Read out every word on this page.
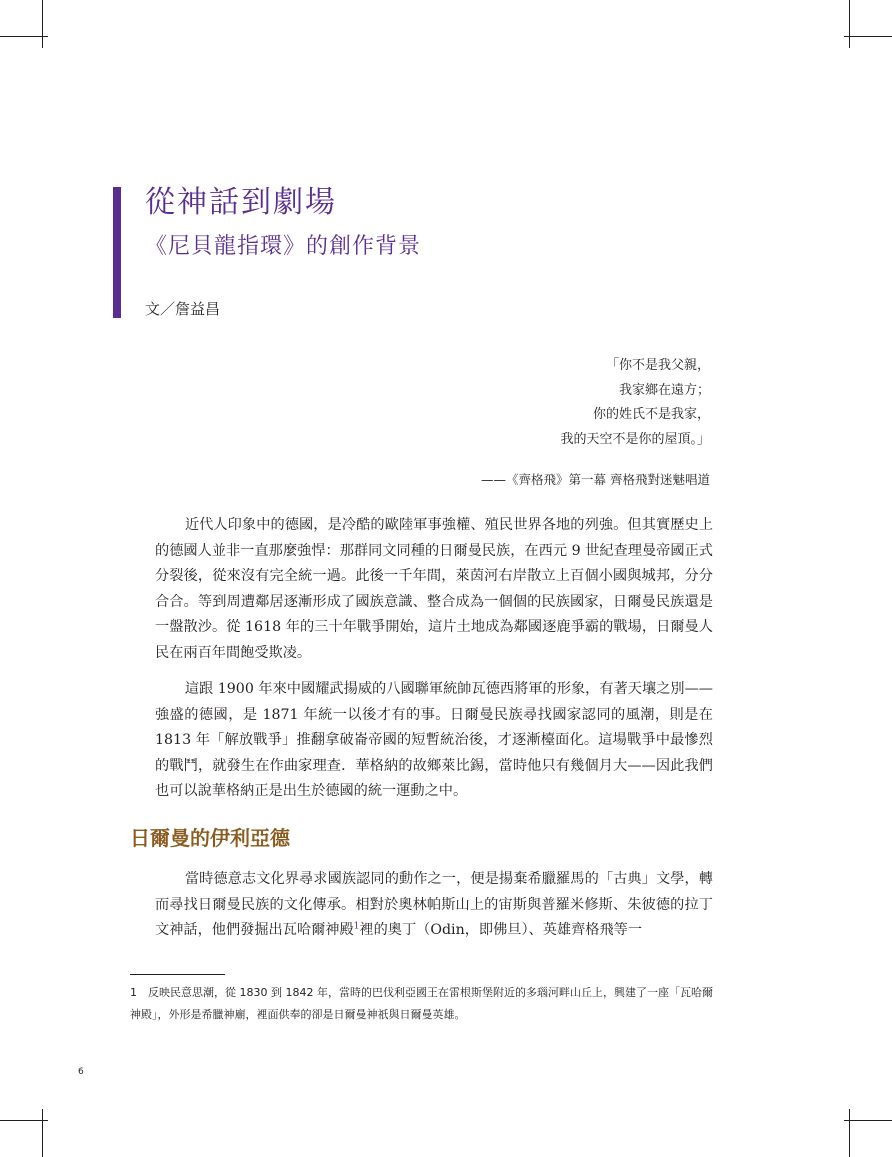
從神話到劇場
《尼貝龍指環》的創作背景
文／詹益昌
「你不是我父親，
我家鄉在遠方；
你的姓氏不是我家，
我的天空不是你的屋頂。」
——《齊格飛》第一幕 齊格飛對迷魅唱道

近代人印象中的德國，是冷酷的歐陸軍事強權、殖民世界各地的列強。但其實歷史上的德國人並非一直那麼強悍：那群同文同種的日爾曼民族，在西元 9 世紀查理曼帝國正式分裂後，從來沒有完全統一過。此後一千年間，萊茵河右岸散立上百個小國與城邦，分分合合。等到周遭鄰居逐漸形成了國族意識、整合成為一個個的民族國家，日爾曼民族還是一盤散沙。從 1618 年的三十年戰爭開始，這片土地成為鄰國逐鹿爭霸的戰場，日爾曼人民在兩百年間飽受欺凌。

這跟 1900 年來中國耀武揚威的八國聯軍統帥瓦德西將軍的形象，有著天壤之別——強盛的德國，是 1871 年統一以後才有的事。日爾曼民族尋找國家認同的風潮，則是在 1813 年「解放戰爭」推翻拿破崙帝國的短暫統治後，才逐漸檯面化。這場戰爭中最慘烈的戰鬥，就發生在作曲家理查．華格納的故鄉萊比錫，當時他只有幾個月大——因此我們也可以說華格納正是出生於德國的統一運動之中。

日爾曼的伊利亞德

當時德意志文化界尋求國族認同的動作之一，便是揚棄希臘羅馬的「古典」文學，轉而尋找日爾曼民族的文化傳承。相對於奧林帕斯山上的宙斯與普羅米修斯、朱彼德的拉丁文神話，他們發掘出瓦哈爾神殿$^1$裡的奧丁（Odin，即佛旦）、英雄齊格飛等一

1 反映民意思潮，從 1830 到 1842 年，當時的巴伐利亞國王在雷根斯堡附近的多瑙河畔山丘上，興建了一座「瓦哈爾神殿」，外形是希臘神廟，裡面供奉的卻是日爾曼神祇與日爾曼英雄。

6
